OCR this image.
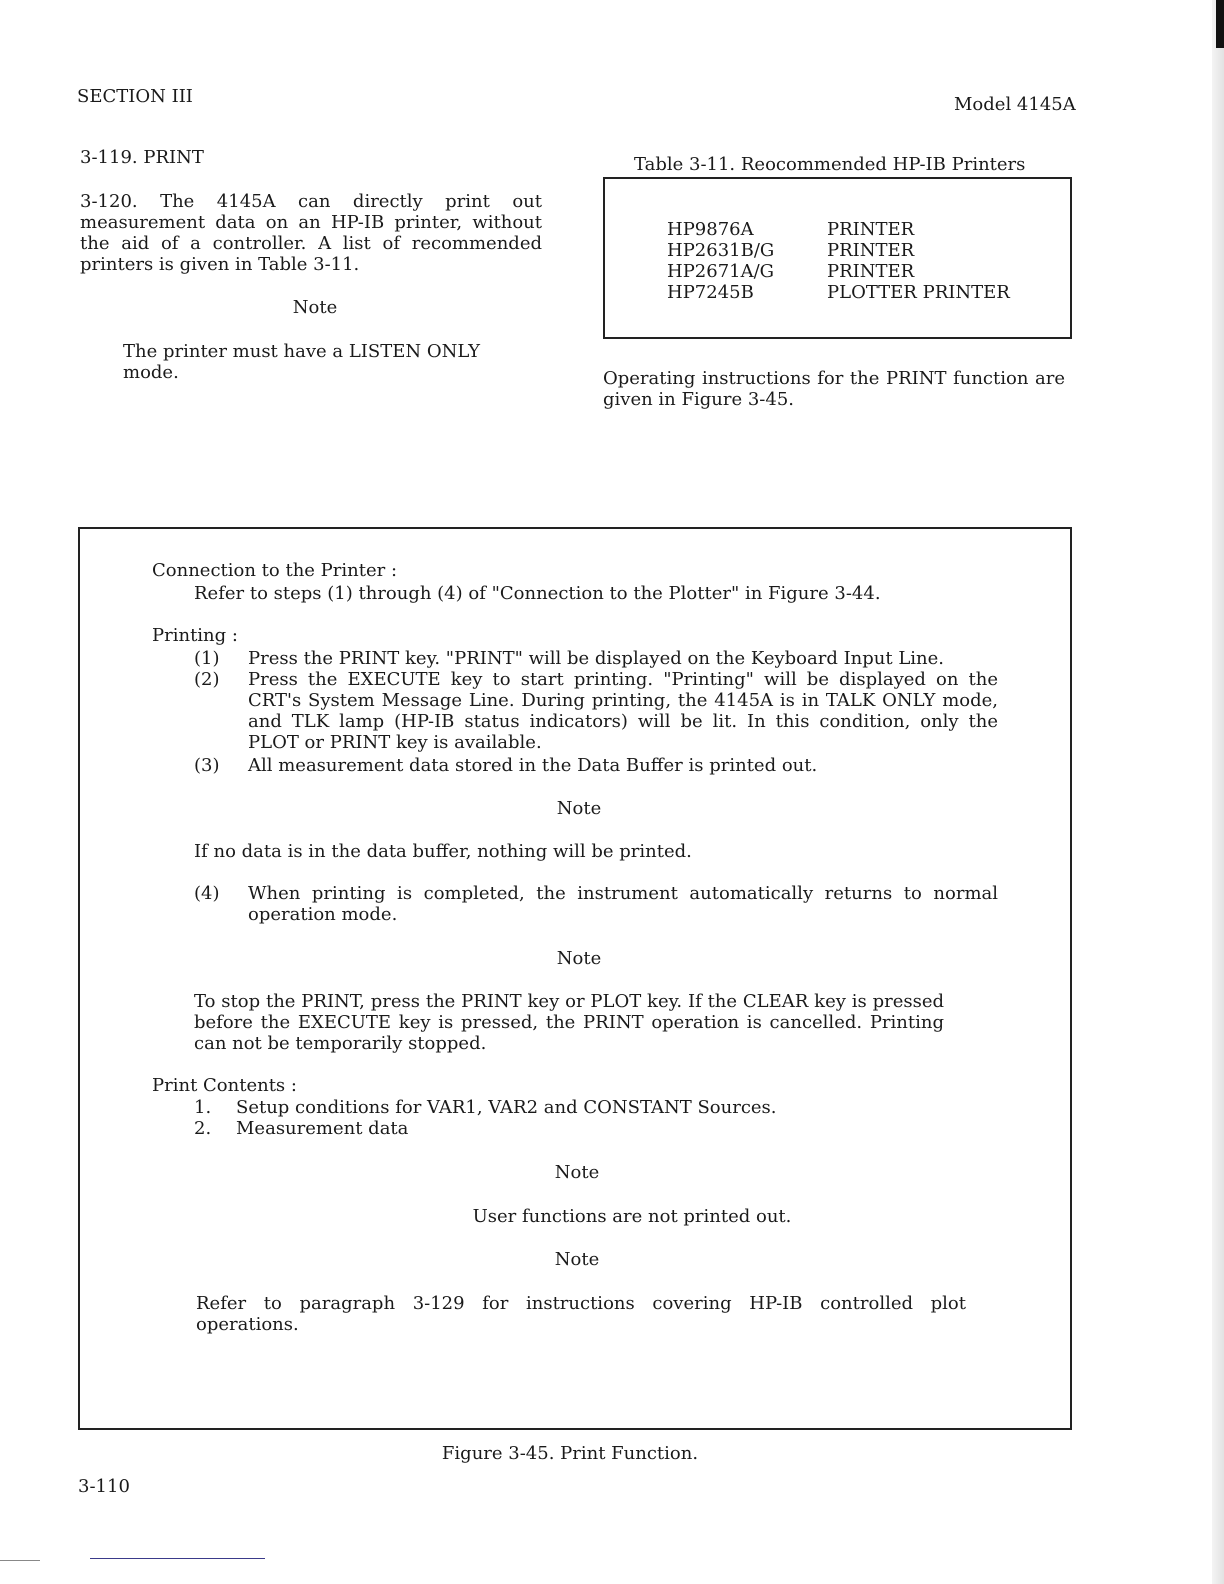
SECTION III	Model 4145A
3-119. PRINT
3-120. The 4145A can directly print out measurement data on an HP-IB printer, without the aid of a controller. A list of recommended printers is given in Table 3-11.
Note
The printer must have a LISTEN ONLY mode.
Table 3-11. Reocommended HP-IB Printers
HP9876A	PRINTER
HP2631B/G	PRINTER
HP2671A/G	PRINTER
HP7245B	PLOTTER PRINTER
Operating instructions for the PRINT function are given in Figure 3-45.
Connection to the Printer :
Refer to steps (1) through (4) of "Connection to the Plotter" in Figure 3-44.
Printing :
(1) Press the PRINT key. "PRINT" will be displayed on the Keyboard Input Line.
(2) Press the EXECUTE key to start printing. "Printing" will be displayed on the CRT's System Message Line. During printing, the 4145A is in TALK ONLY mode, and TLK lamp (HP-IB status indicators) will be lit. In this condition, only the PLOT or PRINT key is available.
(3) All measurement data stored in the Data Buffer is printed out.
Note
If no data is in the data buffer, nothing will be printed.
(4) When printing is completed, the instrument automatically returns to normal operation mode.
Note
To stop the PRINT, press the PRINT key or PLOT key. If the CLEAR key is pressed before the EXECUTE key is pressed, the PRINT operation is cancelled. Printing can not be temporarily stopped.
Print Contents :
1. Setup conditions for VAR1, VAR2 and CONSTANT Sources.
2. Measurement data
Note
User functions are not printed out.
Note
Refer to paragraph 3-129 for instructions covering HP-IB controlled plot operations.
Figure 3-45. Print Function.
3-110
